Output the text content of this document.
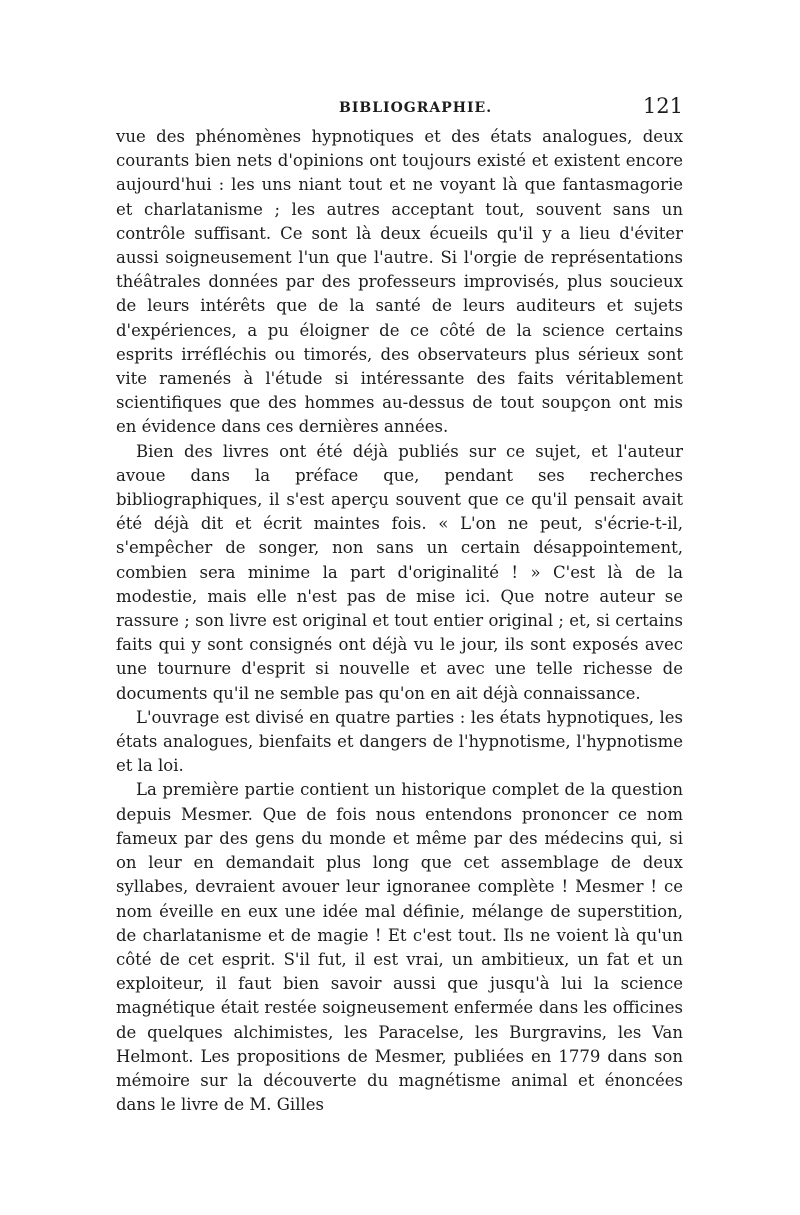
BIBLIOGRAPHIE.	121

vue des phénomènes hypnotiques et des états analogues, deux courants bien nets d'opinions ont toujours existé et existent encore aujourd'hui : les uns niant tout et ne voyant là que fantasmagorie et charlatanisme ; les autres acceptant tout, souvent sans un contrôle suffisant. Ce sont là deux écueils qu'il y a lieu d'éviter aussi soigneusement l'un que l'autre. Si l'orgie de représentations théâtrales données par des professeurs improvisés, plus soucieux de leurs intérêts que de la santé de leurs auditeurs et sujets d'expériences, a pu éloigner de ce côté de la science certains esprits irréfléchis ou timorés, des observateurs plus sérieux sont vite ramenés à l'étude si intéressante des faits véritablement scientifiques que des hommes au-dessus de tout soupçon ont mis en évidence dans ces dernières années.

Bien des livres ont été déjà publiés sur ce sujet, et l'auteur avoue dans la préface que, pendant ses recherches bibliographiques, il s'est aperçu souvent que ce qu'il pensait avait été déjà dit et écrit maintes fois. « L'on ne peut, s'écrie-t-il, s'empêcher de songer, non sans un certain désappointement, combien sera minime la part d'originalité ! » C'est là de la modestie, mais elle n'est pas de mise ici. Que notre auteur se rassure ; son livre est original et tout entier original ; et, si certains faits qui y sont consignés ont déjà vu le jour, ils sont exposés avec une tournure d'esprit si nouvelle et avec une telle richesse de documents qu'il ne semble pas qu'on en ait déjà connaissance.

L'ouvrage est divisé en quatre parties : les états hypnotiques, les états analogues, bienfaits et dangers de l'hypnotisme, l'hypnotisme et la loi.

La première partie contient un historique complet de la question depuis Mesmer. Que de fois nous entendons prononcer ce nom fameux par des gens du monde et même par des médecins qui, si on leur en demandait plus long que cet assemblage de deux syllabes, devraient avouer leur ignoranee complète ! Mesmer ! ce nom éveille en eux une idée mal définie, mélange de superstition, de charlatanisme et de magie ! Et c'est tout. Ils ne voient là qu'un côté de cet esprit. S'il fut, il est vrai, un ambitieux, un fat et un exploiteur, il faut bien savoir aussi que jusqu'à lui la science magnétique était restée soigneusement enfermée dans les officines de quelques alchimistes, les Paracelse, les Burgravins, les Van Helmont. Les propositions de Mesmer, publiées en 1779 dans son mémoire sur la découverte du magnétisme animal et énoncées dans le livre de M. Gilles
